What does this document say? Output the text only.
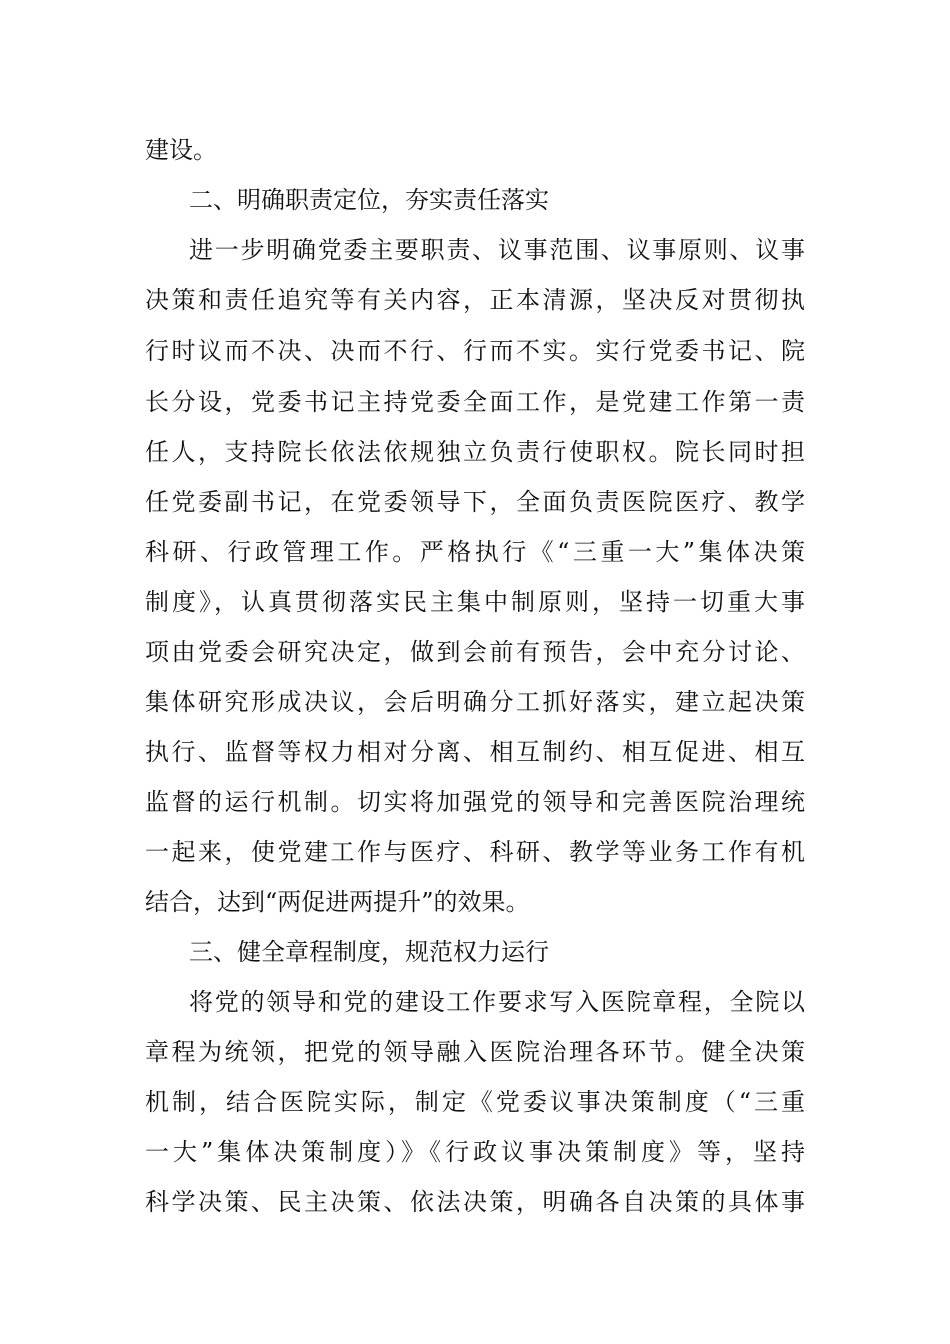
建设。
二、明确职责定位，夯实责任落实
进一步明确党委主要职责、议事范围、议事原则、议事
决策和责任追究等有关内容，正本清源，坚决反对贯彻执
行时议而不决、决而不行、行而不实。实行党委书记、院
长分设，党委书记主持党委全面工作，是党建工作第一责
任人，支持院长依法依规独立负责行使职权。院长同时担
任党委副书记，在党委领导下，全面负责医院医疗、教学
科研、行政管理工作。严格执行《“三重一大”集体决策
制度》，认真贯彻落实民主集中制原则，坚持一切重大事
项由党委会研究决定，做到会前有预告，会中充分讨论、
集体研究形成决议，会后明确分工抓好落实，建立起决策
执行、监督等权力相对分离、相互制约、相互促进、相互
监督的运行机制。切实将加强党的领导和完善医院治理统
一起来，使党建工作与医疗、科研、教学等业务工作有机
结合，达到“两促进两提升”的效果。
三、健全章程制度，规范权力运行
将党的领导和党的建设工作要求写入医院章程，全院以
章程为统领，把党的领导融入医院治理各环节。健全决策
机制，结合医院实际，制定《党委议事决策制度（“三重
一大”集体决策制度）》《行政议事决策制度》等，坚持
科学决策、民主决策、依法决策，明确各自决策的具体事
